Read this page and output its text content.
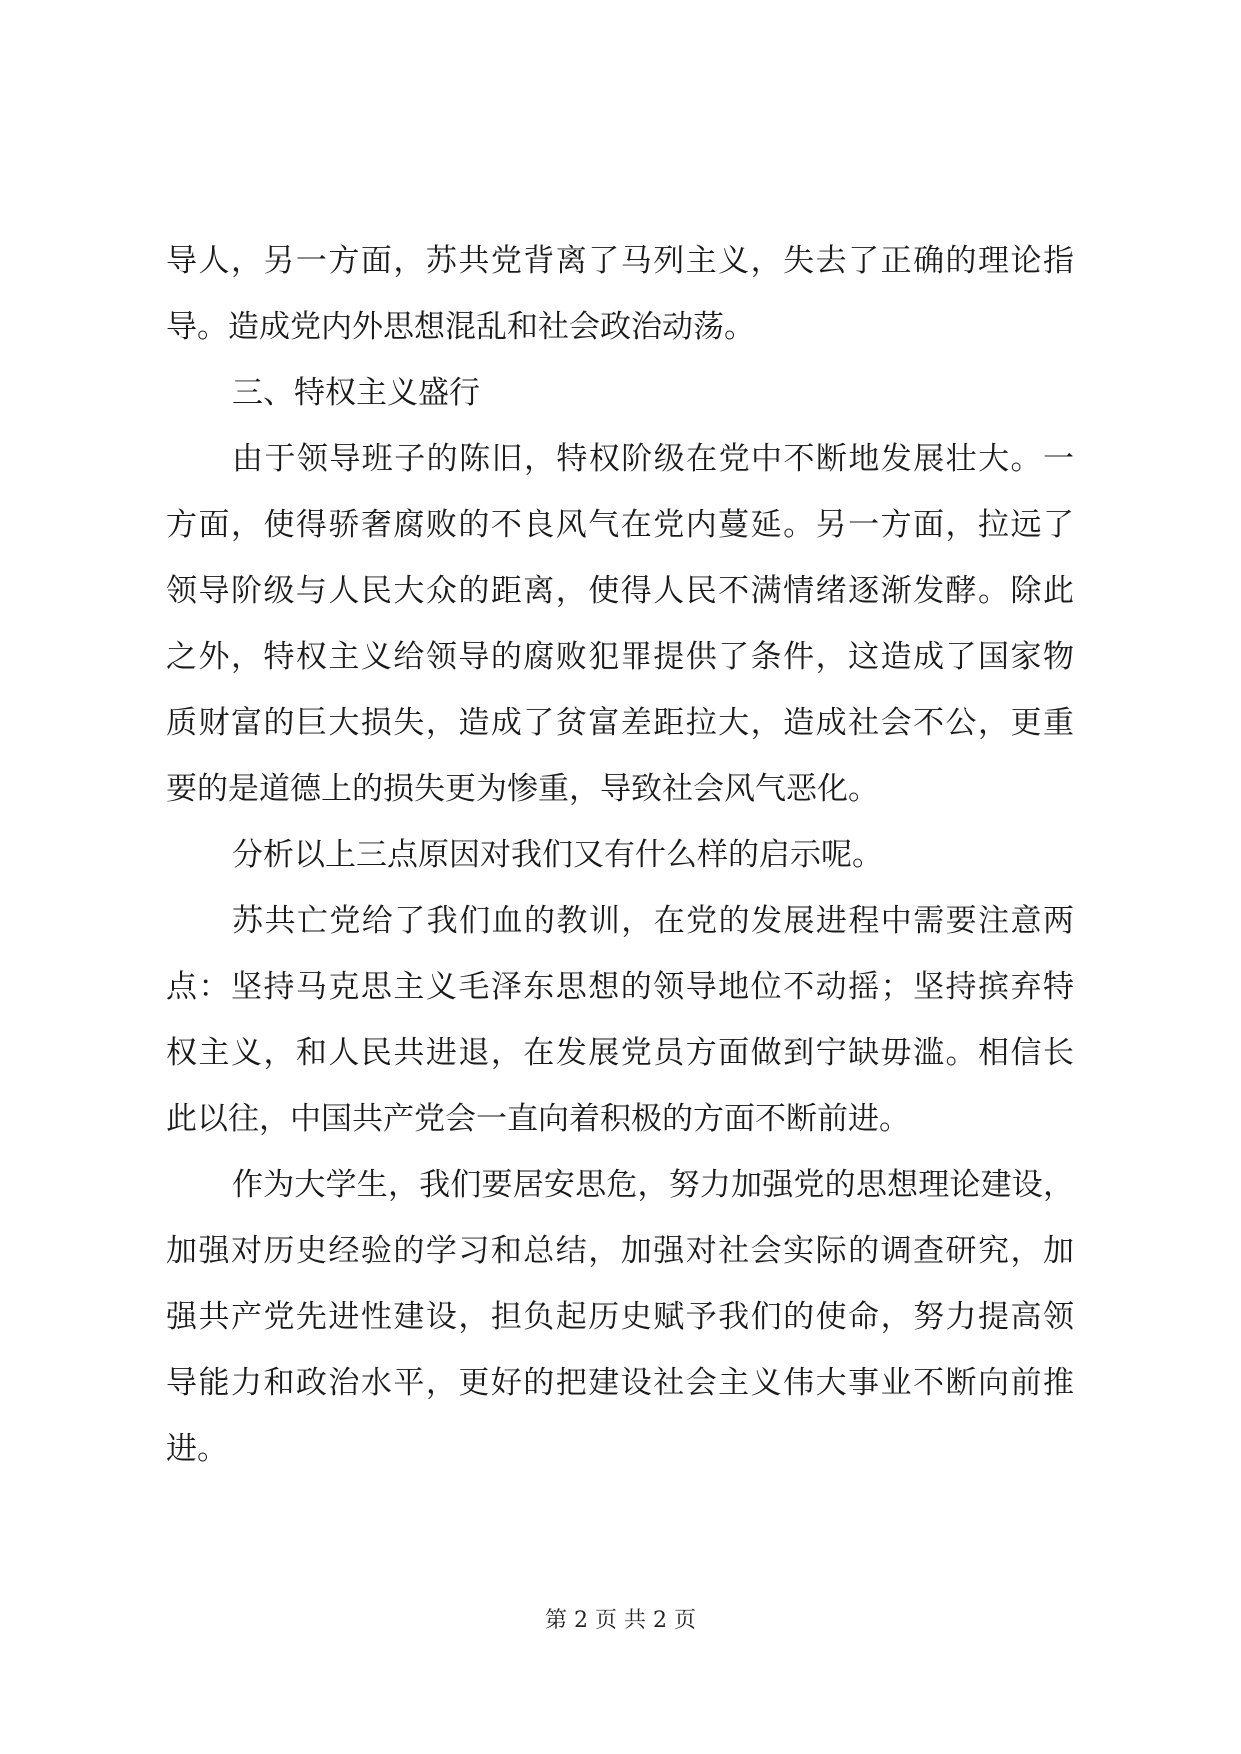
导人，另一方面，苏共党背离了马列主义，失去了正确的理论指
导。造成党内外思想混乱和社会政治动荡。
三、特权主义盛行
由于领导班子的陈旧，特权阶级在党中不断地发展壮大。一
方面，使得骄奢腐败的不良风气在党内蔓延。另一方面，拉远了
领导阶级与人民大众的距离，使得人民不满情绪逐渐发酵。除此
之外，特权主义给领导的腐败犯罪提供了条件，这造成了国家物
质财富的巨大损失，造成了贫富差距拉大，造成社会不公，更重
要的是道德上的损失更为惨重，导致社会风气恶化。
分析以上三点原因对我们又有什么样的启示呢。
苏共亡党给了我们血的教训，在党的发展进程中需要注意两
点：坚持马克思主义毛泽东思想的领导地位不动摇；坚持摈弃特
权主义，和人民共进退，在发展党员方面做到宁缺毋滥。相信长
此以往，中国共产党会一直向着积极的方面不断前进。
作为大学生，我们要居安思危，努力加强党的思想理论建设，
加强对历史经验的学习和总结，加强对社会实际的调查研究，加
强共产党先进性建设，担负起历史赋予我们的使命，努力提高领
导能力和政治水平，更好的把建设社会主义伟大事业不断向前推
进。
第 2 页 共 2 页
